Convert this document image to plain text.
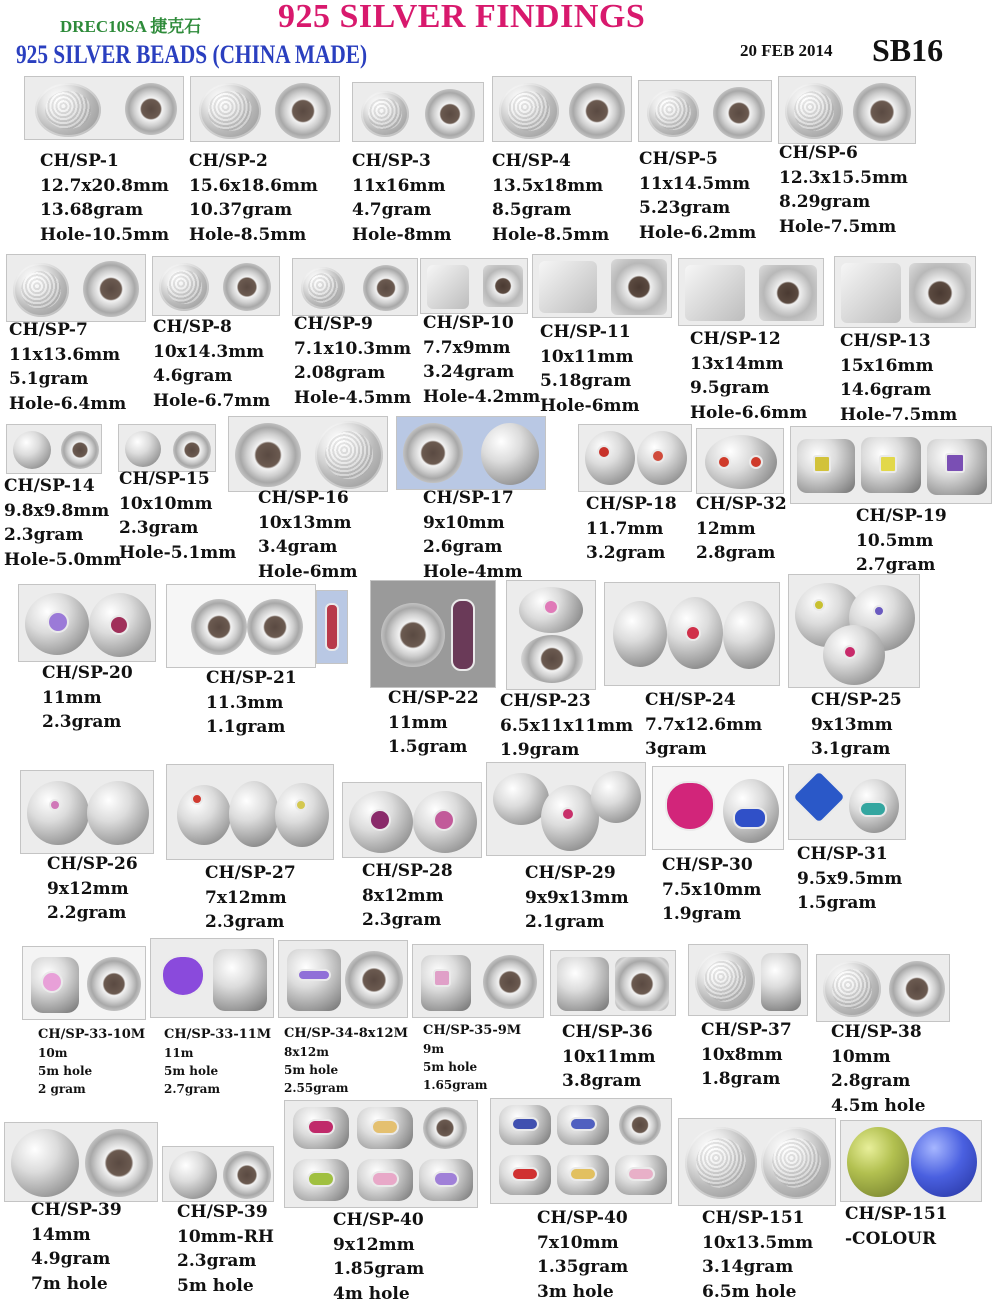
DREC10SA 捷克石 925 SILVER FINDINGS
925 SILVER BEADS (CHINA MADE)	20 FEB 2014 SB16
CH/SP-1
12.7x20.8mm
13.68gram
Hole-10.5mm
CH/SP-2
15.6x18.6mm
10.37gram
Hole-8.5mm
CH/SP-3
11x16mm
4.7gram
Hole-8mm
CH/SP-4
13.5x18mm
8.5gram
Hole-8.5mm
CH/SP-5
11x14.5mm
5.23gram
Hole-6.2mm
CH/SP-6
12.3x15.5mm
8.29gram
Hole-7.5mm
CH/SP-7
11x13.6mm
5.1gram
Hole-6.4mm
CH/SP-8
10x14.3mm
4.6gram
Hole-6.7mm
CH/SP-9
7.1x10.3mm
2.08gram
Hole-4.5mm
CH/SP-10
7.7x9mm
3.24gram
Hole-4.2mm
CH/SP-11
10x11mm
5.18gram
Hole-6mm
CH/SP-12
13x14mm
9.5gram
Hole-6.6mm
CH/SP-13
15x16mm
14.6gram
Hole-7.5mm
CH/SP-14
9.8x9.8mm
2.3gram
Hole-5.0mm
CH/SP-15
10x10mm
2.3gram
Hole-5.1mm
CH/SP-16
10x13mm
3.4gram
Hole-6mm
CH/SP-17
9x10mm
2.6gram
Hole-4mm
CH/SP-18
11.7mm
3.2gram
CH/SP-32
12mm
2.8gram
CH/SP-19
10.5mm
2.7gram
CH/SP-20
11mm
2.3gram
CH/SP-21
11.3mm
1.1gram
CH/SP-22
11mm
1.5gram
CH/SP-23
6.5x11x11mm
1.9gram
CH/SP-24
7.7x12.6mm
3gram
CH/SP-25
9x13mm
3.1gram
CH/SP-26
9x12mm
2.2gram
CH/SP-27
7x12mm
2.3gram
CH/SP-28
8x12mm
2.3gram
CH/SP-29
9x9x13mm
2.1gram
CH/SP-30
7.5x10mm
1.9gram
CH/SP-31
9.5x9.5mm
1.5gram
CH/SP-33-10M
10m
5m hole
2 gram
CH/SP-33-11M
11m
5m hole
2.7gram
CH/SP-34-8x12M
8x12m
5m hole
2.55gram
CH/SP-35-9M
9m
5m hole
1.65gram
CH/SP-36
10x11mm
3.8gram
CH/SP-37
10x8mm
1.8gram
CH/SP-38
10mm
2.8gram
4.5m hole
CH/SP-39
14mm
4.9gram
7m hole
CH/SP-39
10mm-RH
2.3gram
5m hole
CH/SP-40
9x12mm
1.85gram
4m hole
CH/SP-40
7x10mm
1.35gram
3m hole
CH/SP-151
10x13.5mm
3.14gram
6.5m hole
CH/SP-151
-COLOUR
